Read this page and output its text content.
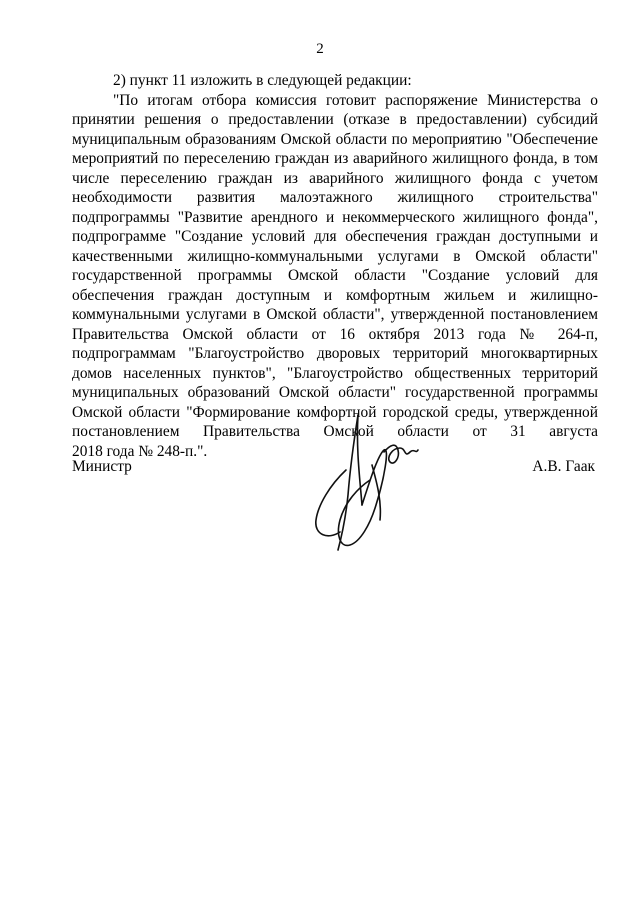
2
2) пункт 11 изложить в следующей редакции:
"По итогам отбора комиссия готовит распоряжение Министерства о
принятии решения о предоставлении (отказе в предоставлении) субсидий
муниципальным образованиям Омской области по мероприятию "Обеспечение
мероприятий по переселению граждан из аварийного жилищного фонда, в том
числе переселению граждан из аварийного жилищного фонда с учетом
необходимости развития малоэтажного жилищного строительства"
подпрограммы "Развитие арендного и некоммерческого жилищного фонда",
подпрограмме "Создание условий для обеспечения граждан доступными и
качественными жилищно-коммунальными услугами в Омской области"
государственной программы Омской области "Создание условий для
обеспечения граждан доступным и комфортным жильем и жилищно-
коммунальными услугами в Омской области", утвержденной постановлением
Правительства Омской области от 16 октября 2013 года № 264-п,
подпрограммам "Благоустройство дворовых территорий многоквартирных
домов населенных пунктов", "Благоустройство общественных территорий
муниципальных образований Омской области" государственной программы
Омской области "Формирование комфортной городской среды, утвержденной
постановлением Правительства Омской области от 31 августа
2018 года № 248-п.".
Министр	А.В. Гаак
